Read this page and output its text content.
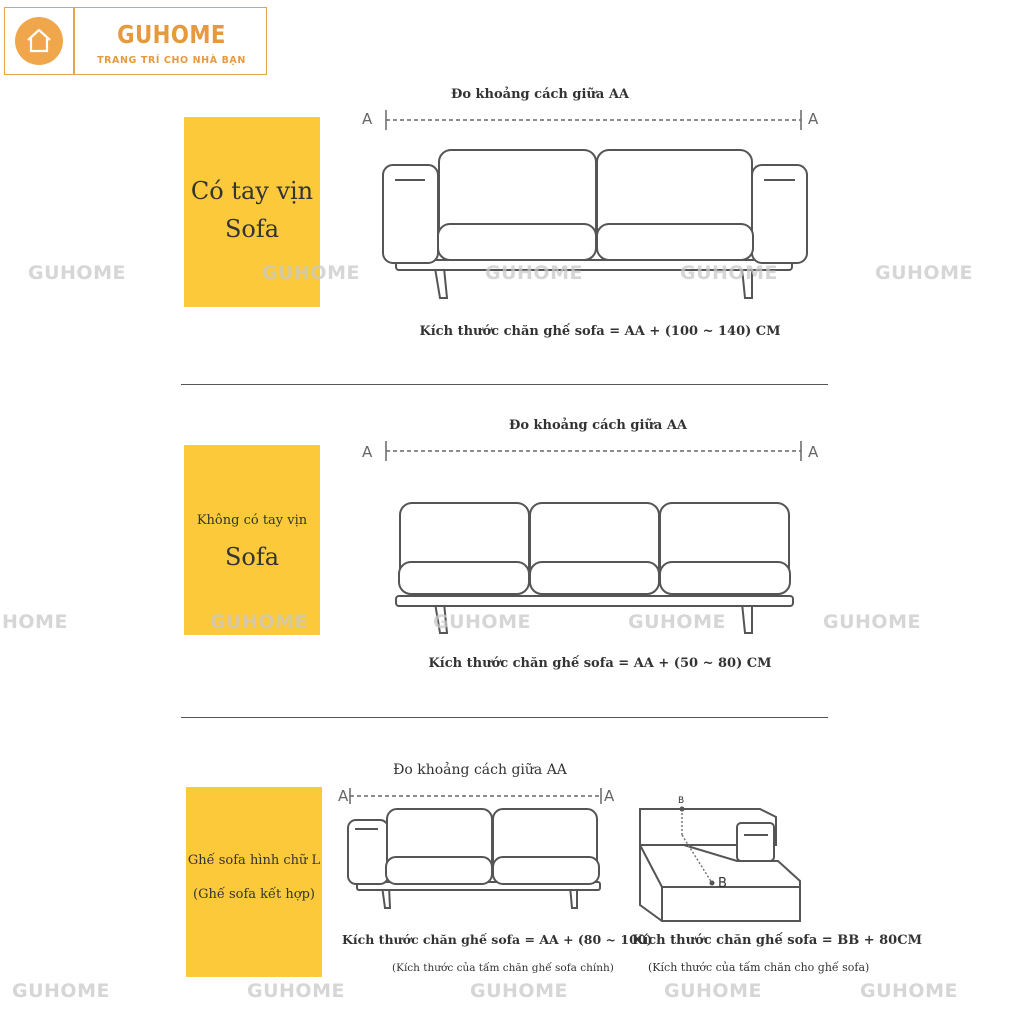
GUHOME
TRANG TRÍ CHO NHÀ BẠN
Có tay vịn
Sofa
Đo khoảng cách giữa AA
A	A
Kích thước chăn ghế sofa = AA + (100 ~ 140) CM
Không có tay vịn
Sofa
Đo khoảng cách giữa AA
A	A
Kích thước chăn ghế sofa = AA + (50 ~ 80) CM
Ghế sofa hình chữ L
(Ghế sofa kết hợp)
Đo khoảng cách giữa AA
A	A	B
B
Kích thước chăn ghế sofa = AA + (80 ~ 100)
(Kích thước của tấm chăn ghế sofa chính)
Kích thước chăn ghế sofa = BB + 80CM
(Kích thước của tấm chăn cho ghế sofa)
GUHOME	GUHOME	GUHOME	GUHOME	GUHOME
HOME	GUHOME	GUHOME	GUHOME	GUHOME
GUHOME	GUHOME	GUHOME	GUHOME	GUHOME
